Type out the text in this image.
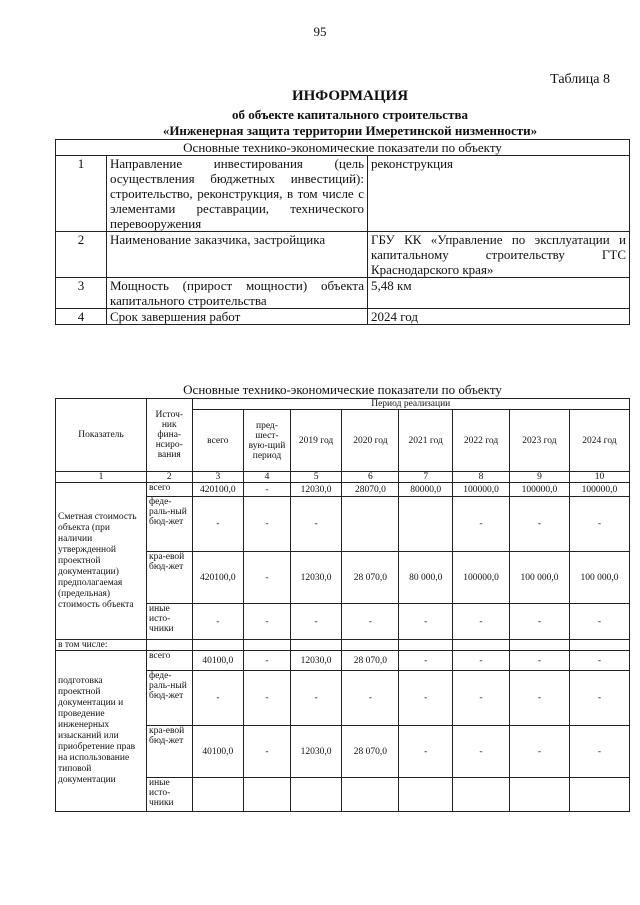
95
Таблица 8
ИНФОРМАЦИЯ
об объекте капитального строительства
«Инженерная защита территории Имеретинской низменности»
Основные технико-экономические показатели по объекту		
1	Направление инвестирования (цель осуществления бюджетных инвестиций): строительство, реконструкция, в том числе с элементами реставрации, технического перевооружения	реконструкция
2	Наименование заказчика, застройщика	ГБУ КК «Управление по эксплуатации и капитальному строительству ГТС Краснодарского края»
3	Мощность (прирост мощности) объекта капитального строительства	5,48 км
4	Срок завершения работ	2024 год
Основные технико-экономические показатели по объекту
Показатель	Источ-ник фина-нсиро-вания	Период реализации							
		всего	пред-шест-вую-щий период	2019 год	2020 год	2021 год	2022 год	2023 год	2024 год
1	2	3	4	5	6	7	8	9	10
Сметная стоимость объекта (при наличии утвержденной проектной документации) предполагаемая (предельная) стоимость объекта	всего	420100,0	-	12030,0	28070,0	80000,0	100000,0	100000,0	100000,0
	феде-раль-ный бюд-жет	-	-	-			-	-	-
	кра-евой бюд-жет	420100,0	-	12030,0	28 070,0	80 000,0	100000,0	100 000,0	100 000,0
	иные исто-чники	-	-	-	-	-	-	-	-
в том числе:									
подготовка проектной документации и проведение инженерных изысканий или приобретение прав на использование типовой документации	всего	40100,0	-	12030,0	28 070,0	-	-	-	-
	феде-раль-ный бюд-жет	-	-	-	-	-	-	-	-
	кра-евой бюд-жет	40100,0	-	12030,0	28 070,0	-	-	-	-
	иные исто-чники								
